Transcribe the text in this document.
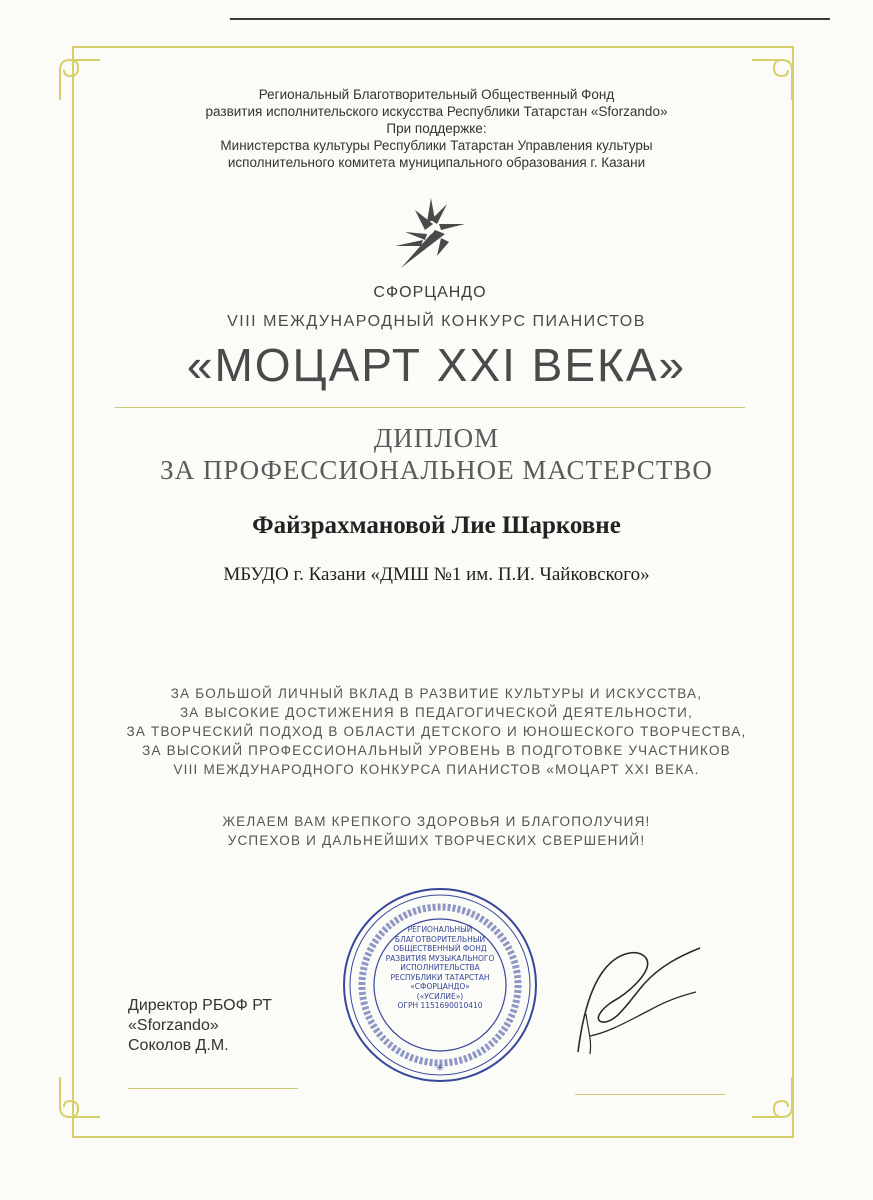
Региональный Благотворительный Общественный Фонд
развития исполнительского искусства Республики Татарстан «Sforzando»
При поддержке:
Министерства культуры Республики Татарстан Управления культуры
исполнительного комитета муниципального образования г. Казани
СФОРЦАНДО
VIII МЕЖДУНАРОДНЫЙ КОНКУРС ПИАНИСТОВ
«МОЦАРТ XXI ВЕКА»
ДИПЛОМ
ЗА ПРОФЕССИОНАЛЬНОЕ МАСТЕРСТВО
Файзрахмановой Лие Шарковне
МБУДО г. Казани «ДМШ №1 им. П.И. Чайковского»
ЗА БОЛЬШОЙ ЛИЧНЫЙ ВКЛАД В РАЗВИТИЕ КУЛЬТУРЫ И ИСКУССТВА,
ЗА ВЫСОКИЕ ДОСТИЖЕНИЯ В ПЕДАГОГИЧЕСКОЙ ДЕЯТЕЛЬНОСТИ,
ЗА ТВОРЧЕСКИЙ ПОДХОД В ОБЛАСТИ ДЕТСКОГО И ЮНОШЕСКОГО ТВОРЧЕСТВА,
ЗА ВЫСОКИЙ ПРОФЕССИОНАЛЬНЫЙ УРОВЕНЬ В ПОДГОТОВКЕ УЧАСТНИКОВ
VIII МЕЖДУНАРОДНОГО КОНКУРСА ПИАНИСТОВ «МОЦАРТ XXI ВЕКА.
ЖЕЛАЕМ ВАМ КРЕПКОГО ЗДОРОВЬЯ И БЛАГОПОЛУЧИЯ!
УСПЕХОВ И ДАЛЬНЕЙШИХ ТВОРЧЕСКИХ СВЕРШЕНИЙ!
✳
РЕГИОНАЛЬНЫЙ
БЛАГОТВОРИТЕЛЬНЫЙ
ОБЩЕСТВЕННЫЙ ФОНД
РАЗВИТИЯ МУЗЫКАЛЬНОГО
ИСПОЛНИТЕЛЬСТВА
РЕСПУБЛИКИ ТАТАРСТАН
«СФОРЦАНДО»
(«УСИЛИЕ»)
ОГРН 1151690010410
Директор РБОФ РТ
«Sforzando»
Соколов Д.М.
